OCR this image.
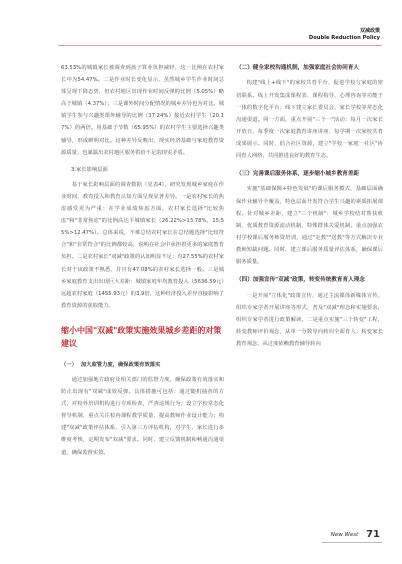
双减政策
Double Reduction Policy

63.53%的城镇家长被调查到孩子算业负担减轻，这一比例在农村家长中为54.47%。二是作业时长变化显示，虽然城乡学生作业时间总体呈现下降态势，但农村地区出现作业时间反弹的比例（5.05%）略高于城镇（4.37%）；三是课外时间分配情况的城乡差异也为对比。城镇学生参与兴趣类课外辅导的比例（37.24%）接近农村学生（20.17%）的两倍。用基础于节数（65.95%）的农村学生主要选择兴趣类辅导，形成鲜明对比。这种差异反映出，现实经济基础与家庭教育资源质量、也暴露出农村地区服务供给不足的现实矛盾。

3.家长影响层面

基于家长影响层面的调查数据（见表4），研究发现城乡家庭在作业时间、教育投入和教育认知方面呈现显著差异。一是农村家长的焦虑感受更为严重：在学业成绩焦虑方面，农村家长选择"比较焦虑"和"非常焦虑"的比例高达平城镇家长（26.22%>13.78%，15.55%>12.47%）。总体来说，不难总结农村家长在总结题选择"比较符合"和"非常符合"的比例都较高，说明在社会中承担着更多的家庭教育负担。二是农村家长"双减"政策的认知明显不足：有27.55%的农村家长对于该政策不熟悉，并且有47.08%的农村家长选择一般。三是城乡家庭教育支出出现巨大差距：城镇家庭年均教育投入（5636.59元）远超农村家庭（1455.93元）的3.9倍，这种经济投入差异直接影响了教育资源的获取能力。

缩小中国"双减"政策实施效果城乡差距的对策建议
（一） 加大监管力度，确保政策有效落实

通过加强地方政府及相关部门的监督力度，确保政策有效落实和防止出现有"双减"成效反弹。具体措施可包括：通过随机抽查的方式，对校外培训机构进行专项检查，严查违规行为；设立学校常态化督导机制，重点关注校内课程教学质量，提高教师作业设计能力；构建"双减"政策评估体系，引入第三方评估机构，对学生、家长进行多维度考核，定期发布"双减"要求。同时，建立反馈机制和畅通沟通渠道，确保监督实效。

（二）健全家校沟通机制，加强家庭社会协同育人

构建"线上+线下"的家校共育平台，促进学校与家庭的密切联系。线上开发集成课程表、课程指导、心理咨询等功能于一体的数字化平台；线下建立家长委员会、家长学校等常态化沟通渠道。同一方面，重点开展"三个一"活动：每月一次家长开放日、每季度一次家庭教育讲座讲座、每学期一次家校共育成果展示。同时，倡合社区资源，建立"学校一家庭一社区"协同育人网络，共同推进良好的教育生态。

（三）完善课后服务体系，逐步缩小城乡教育差距

实施"基础保障+特色发展"的课后服务模式，基础层面确保作业辅导全覆盖，特色层面开发符合学生兴趣的素质拓展课程。针对城乡差距，建立"三个机制"：城乡学校结对帮扶机制、优质教育资源流动机制、特殊群体关爱机制。重点加强农村学校课后服务师资培训，通过"走教""送教"等方式解决专业教师短缺问题。同时，建立课后服务质量评估体系，确保课后服务质量。

（四）加强宣传"双减"政策，转变传统教育育人理念

一是开展"立体化"政策宣传，通过主流媒体新媒体宣传、组织专家学者开展讲座等形式，普及"双减"理念和实施要求，组织专家学者进行政策解读。二是重点实施"三个转变"工程，转变教师评价观念，从单一分数导向转向全面育人；转变家长教育观念，从过度依赖教育辅导转向

New West 71
